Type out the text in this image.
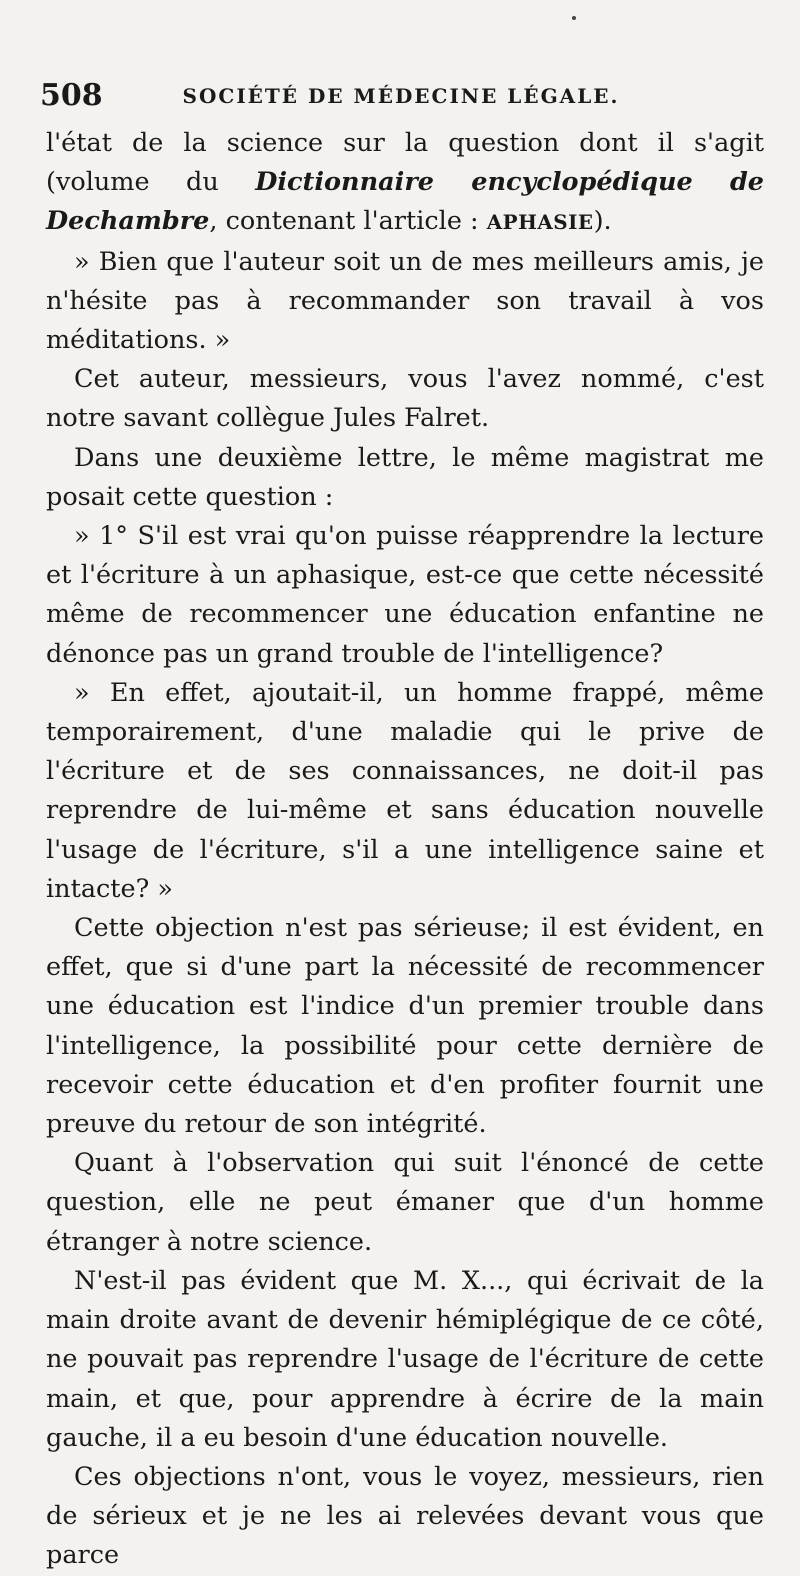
508	SOCIÉTÉ DE MÉDECINE LÉGALE.

l'état de la science sur la question dont il s'agit (volume du Dictionnaire encyclopédique de Dechambre, contenant l'article : APHASIE).

» Bien que l'auteur soit un de mes meilleurs amis, je n'hésite pas à recommander son travail à vos méditations. »

Cet auteur, messieurs, vous l'avez nommé, c'est notre savant collègue Jules Falret.

Dans une deuxième lettre, le même magistrat me posait cette question :

» 1° S'il est vrai qu'on puisse réapprendre la lecture et l'écriture à un aphasique, est-ce que cette nécessité même de recommencer une éducation enfantine ne dénonce pas un grand trouble de l'intelligence?

» En effet, ajoutait-il, un homme frappé, même temporairement, d'une maladie qui le prive de l'écriture et de ses connaissances, ne doit-il pas reprendre de lui-même et sans éducation nouvelle l'usage de l'écriture, s'il a une intelligence saine et intacte? »

Cette objection n'est pas sérieuse; il est évident, en effet, que si d'une part la nécessité de recommencer une éducation est l'indice d'un premier trouble dans l'intelligence, la possibilité pour cette dernière de recevoir cette éducation et d'en profiter fournit une preuve du retour de son intégrité.

Quant à l'observation qui suit l'énoncé de cette question, elle ne peut émaner que d'un homme étranger à notre science.

N'est-il pas évident que M. X..., qui écrivait de la main droite avant de devenir hémiplégique de ce côté, ne pouvait pas reprendre l'usage de l'écriture de cette main, et que, pour apprendre à écrire de la main gauche, il a eu besoin d'une éducation nouvelle.

Ces objections n'ont, vous le voyez, messieurs, rien de sérieux et je ne les ai relevées devant vous que parce
